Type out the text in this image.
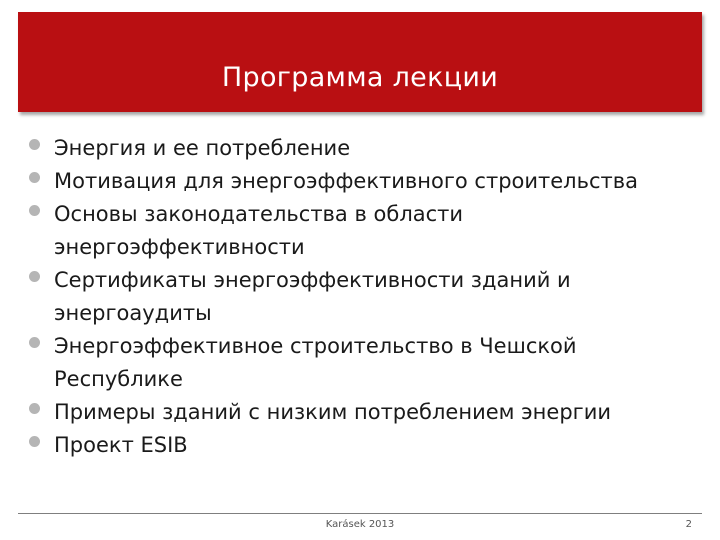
Программа лекции
Энергия и ее потребление
Мотивация для энергоэффективного строительства
Основы законодательства в области энергоэффективности
Сертификаты энергоэффективности зданий и энергоаудиты
Энергоэффективное строительство в Чешской Республике
Примеры зданий с низким потреблением энергии
Проект ESIB
Karásek 2013	2
